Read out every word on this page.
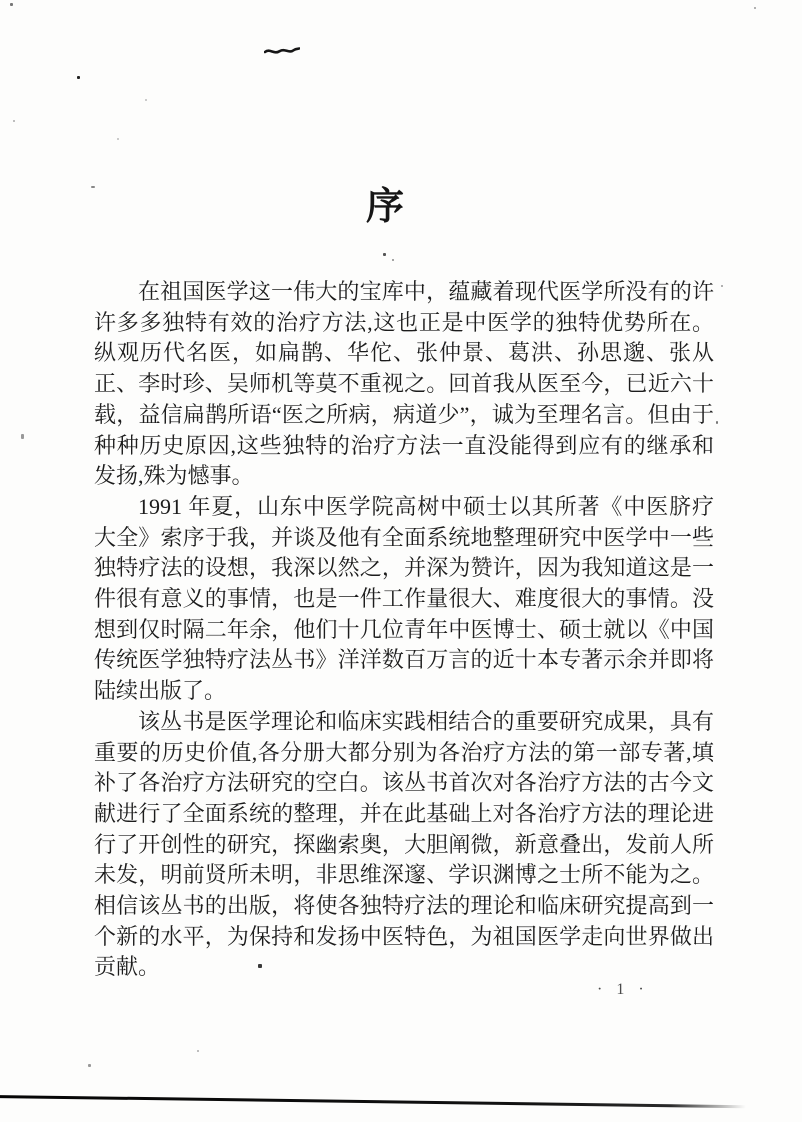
序

在祖国医学这一伟大的宝库中，蕴藏着现代医学所没有的许许多多独特有效的治疗方法,这也正是中医学的独特优势所在。纵观历代名医，如扁鹊、华佗、张仲景、葛洪、孙思邈、张从正、李时珍、吴师机等莫不重视之。回首我从医至今，已近六十载，益信扁鹊所语“医之所病，病道少”，诚为至理名言。但由于种种历史原因,这些独特的治疗方法一直没能得到应有的继承和发扬,殊为憾事。

1991 年夏，山东中医学院高树中硕士以其所著《中医脐疗大全》索序于我，并谈及他有全面系统地整理研究中医学中一些独特疗法的设想，我深以然之，并深为赞许，因为我知道这是一件很有意义的事情，也是一件工作量很大、难度很大的事情。没想到仅时隔二年余，他们十几位青年中医博士、硕士就以《中国传统医学独特疗法丛书》洋洋数百万言的近十本专著示余并即将陆续出版了。

该丛书是医学理论和临床实践相结合的重要研究成果，具有重要的历史价值,各分册大都分别为各治疗方法的第一部专著,填补了各治疗方法研究的空白。该丛书首次对各治疗方法的古今文献进行了全面系统的整理，并在此基础上对各治疗方法的理论进行了开创性的研究，探幽索奥，大胆阐微，新意叠出，发前人所未发，明前贤所未明，非思维深邃、学识渊博之士所不能为之。相信该丛书的出版，将使各独特疗法的理论和临床研究提高到一个新的水平，为保持和发扬中医特色，为祖国医学走向世界做出贡献。

· 1 ·
